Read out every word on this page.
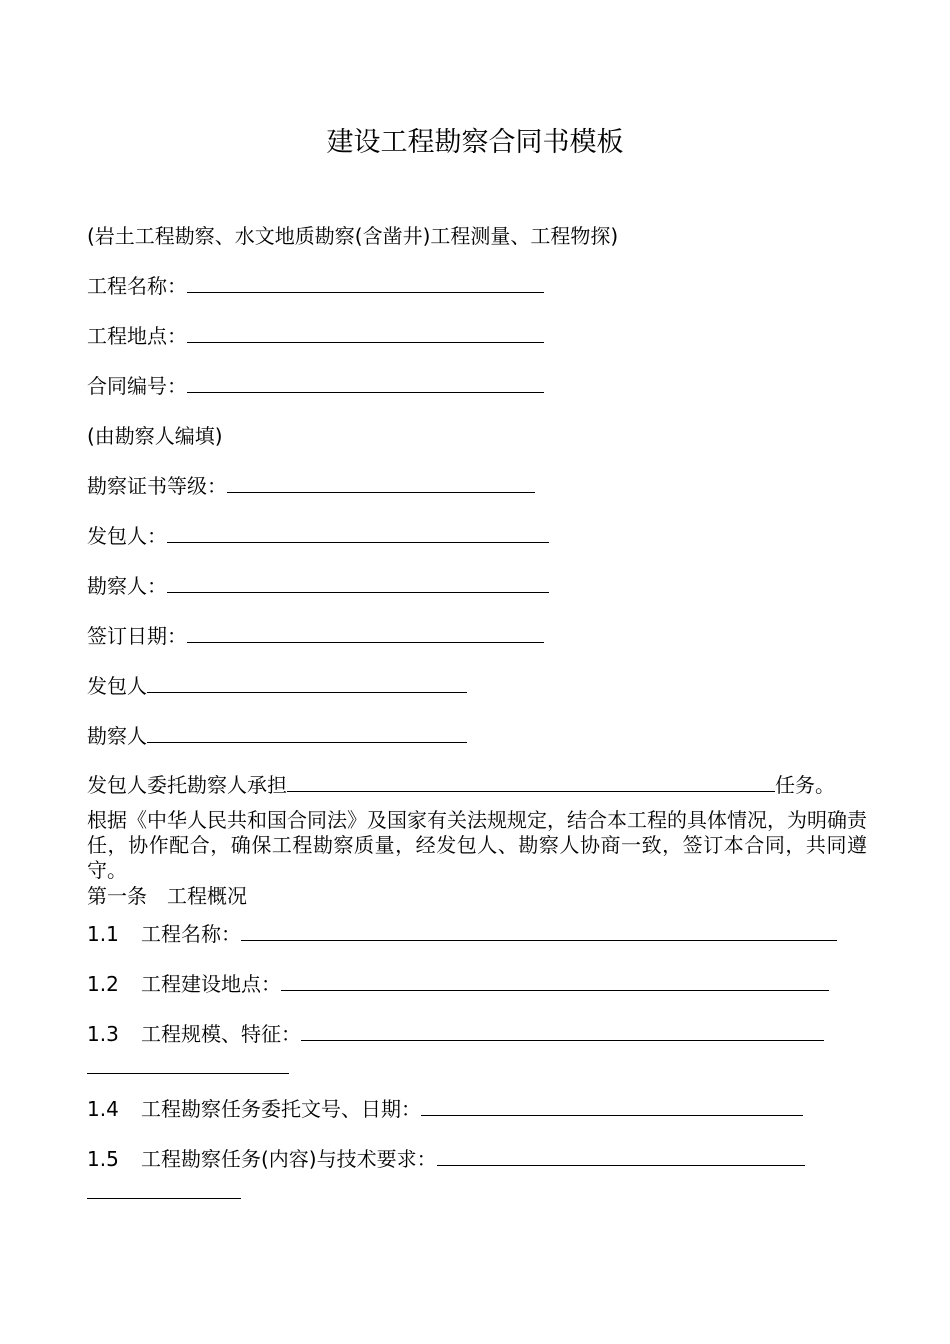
建设工程勘察合同书模板
(岩土工程勘察、水文地质勘察(含凿井)工程测量、工程物探)
工程名称：
工程地点：
合同编号：
(由勘察人编填)
勘察证书等级：
发包人：
勘察人：
签订日期：
发包人
勘察人
发包人委托勘察人承担	任务。
根据《中华人民共和国合同法》及国家有关法规规定，结合本工程的具体情况，为明确责任，协作配合，确保工程勘察质量，经发包人、勘察人协商一致，签订本合同，共同遵守。
第一条　工程概况
1.1 工程名称：
1.2 工程建设地点：
1.3 工程规模、特征：
1.4 工程勘察任务委托文号、日期：
1.5 工程勘察任务(内容)与技术要求：
